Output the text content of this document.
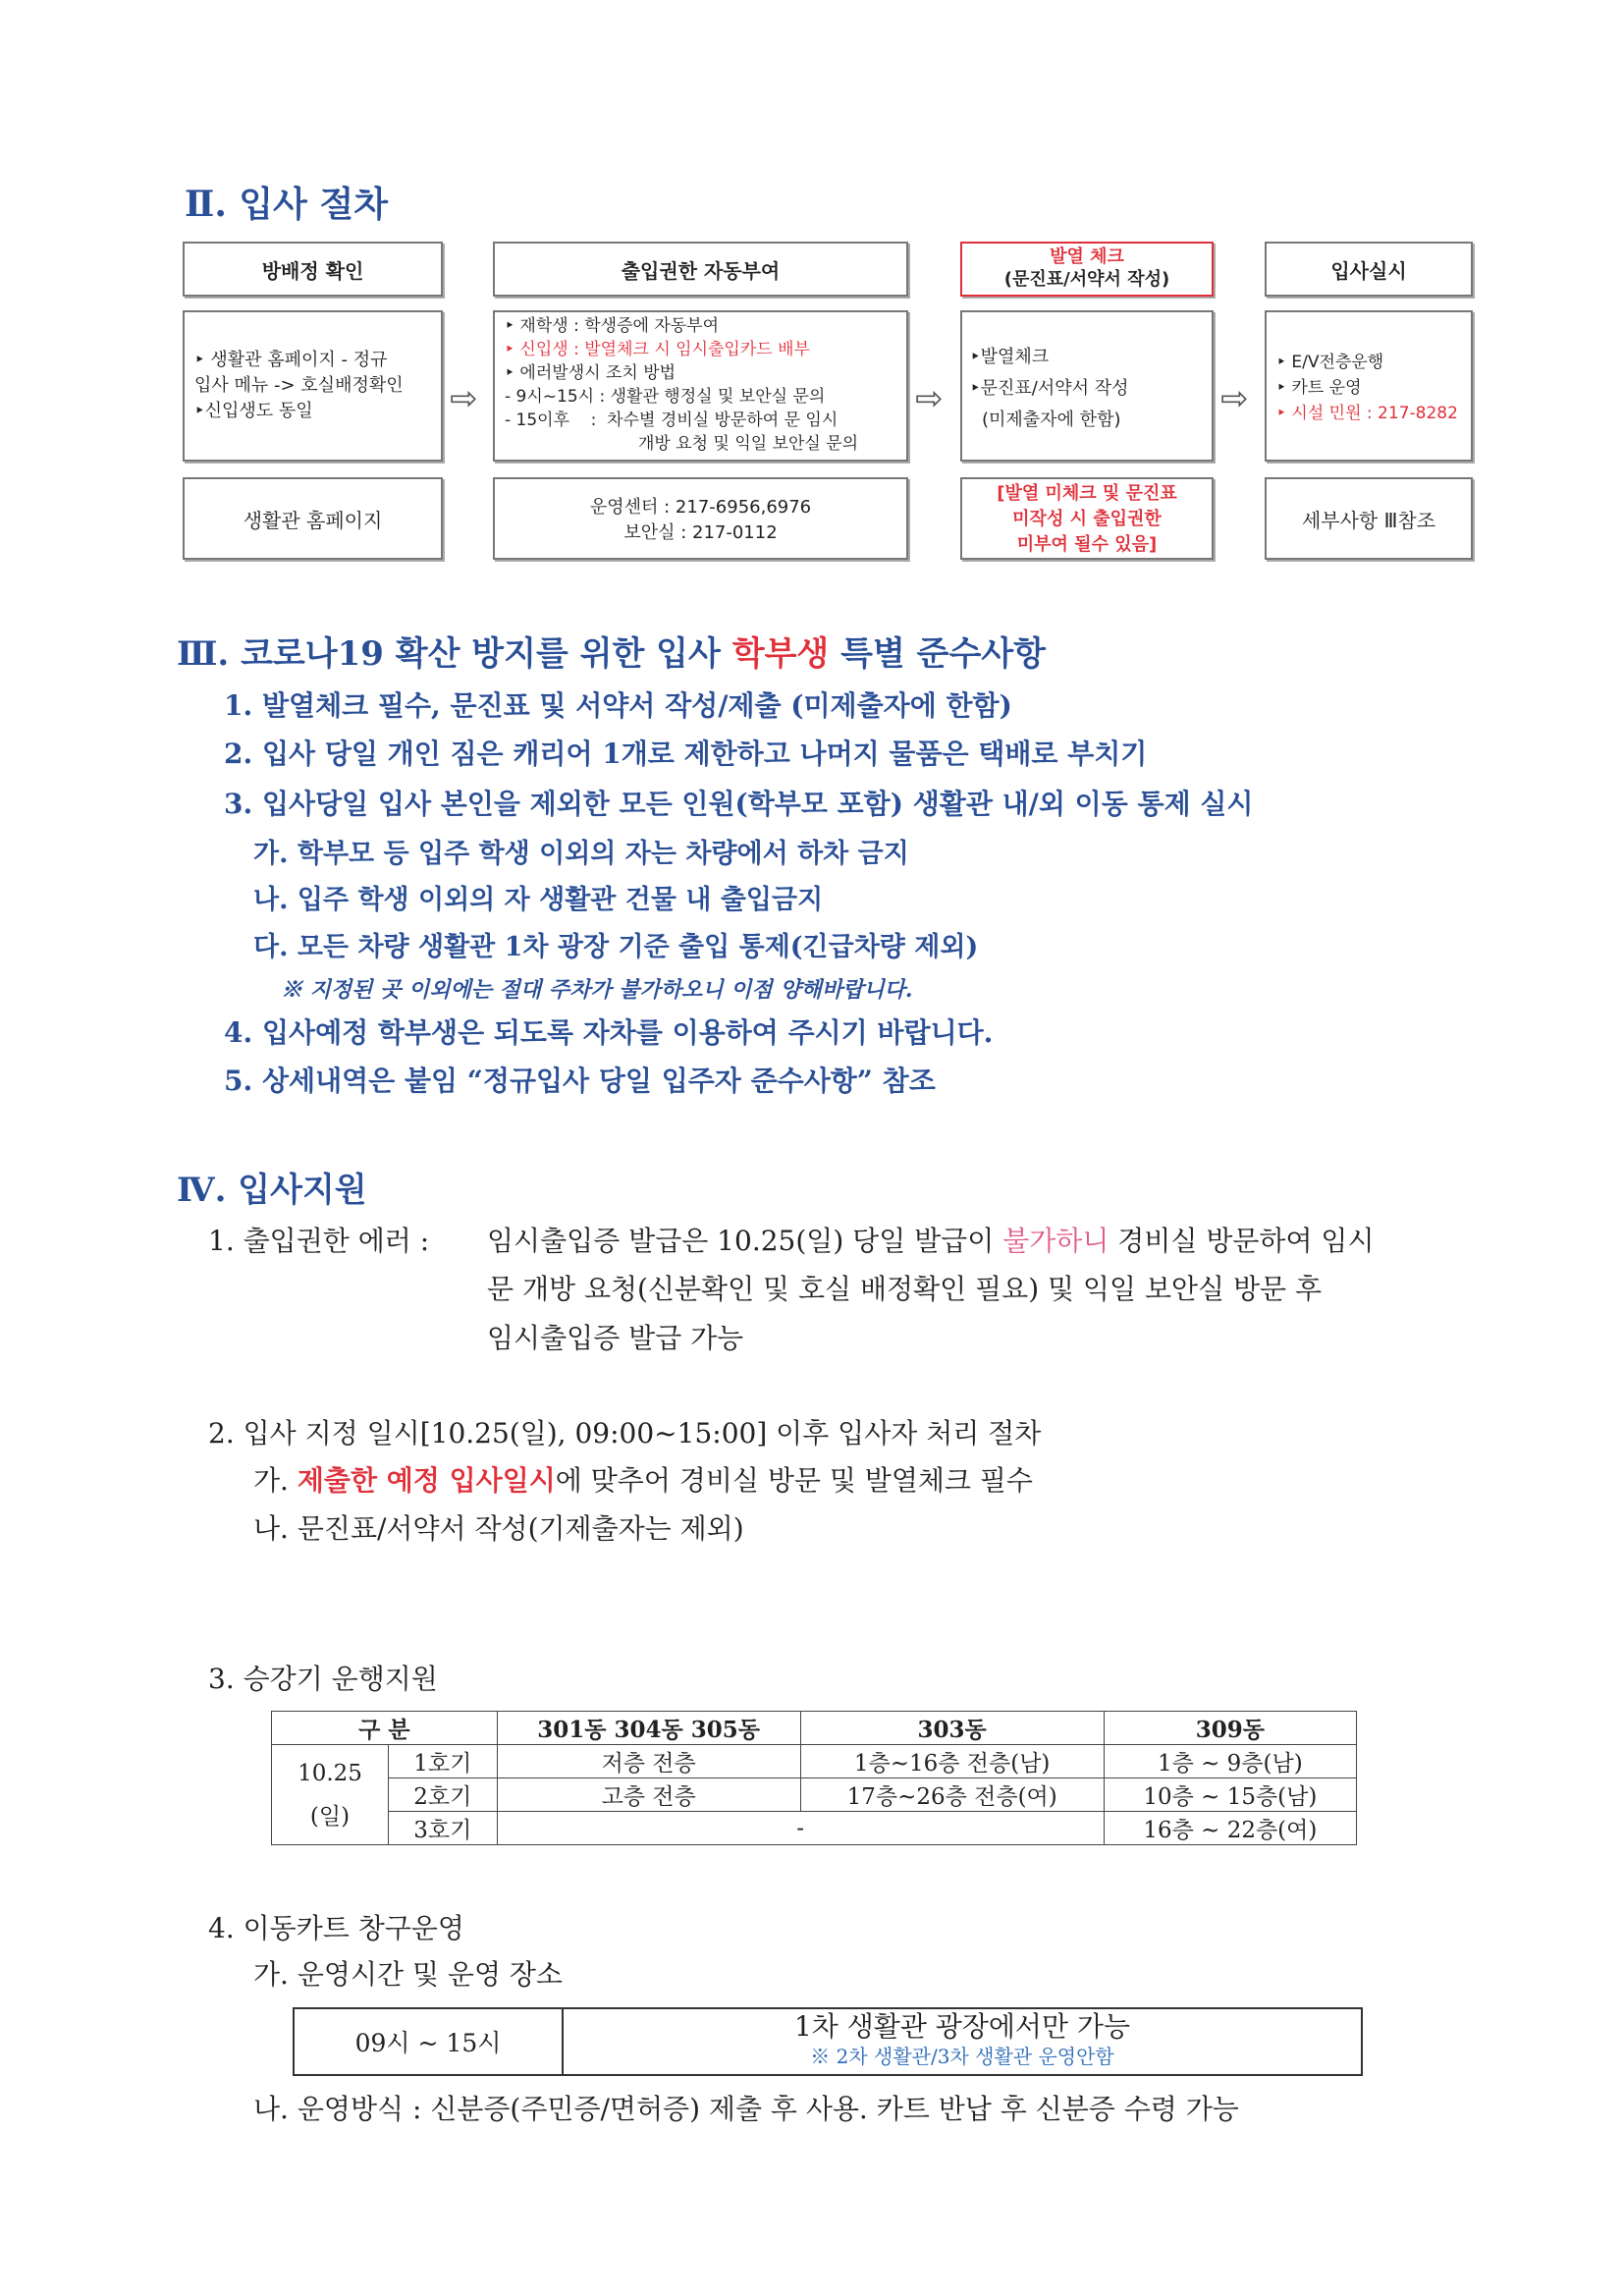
Ⅱ. 입사 절차
방배정 확인
‣ 생활관 홈페이지 - 정규
입사 메뉴 -> 호실배정확인
‣신입생도 동일
생활관 홈페이지
⇨
출입권한 자동부여
‣ 재학생 : 학생증에 자동부여
‣ 신입생 : 발열체크 시 임시출입카드 배부
‣ 에러발생시 조치 방법
- 9시~15시 : 생활관 행정실 및 보안실 문의
- 15이후    :  차수별 경비실 방문하여 문 임시
개방 요청 및 익일 보안실 문의
운영센터 : 217-6956,6976
보안실 : 217-0112
⇨
발열 체크
(문진표/서약서 작성)
‣발열체크
‣문진표/서약서 작성
(미제출자에 한함)
[발열 미체크 및 문진표
미작성 시 출입권한
미부여 될수 있음]
⇨
입사실시
‣ E/V전층운행
‣ 카트 운영
‣ 시설 민원 : 217-8282
세부사항 Ⅲ참조
Ⅲ. 코로나19 확산 방지를 위한 입사 학부생 특별 준수사항
1. 발열체크 필수, 문진표 및 서약서 작성/제출 (미제출자에 한함)
2. 입사 당일 개인 짐은 캐리어 1개로 제한하고 나머지 물품은 택배로 부치기
3. 입사당일 입사 본인을 제외한 모든 인원(학부모 포함) 생활관 내/외 이동 통제 실시
가. 학부모 등 입주 학생 이외의 자는 차량에서 하차 금지
나. 입주 학생 이외의 자 생활관 건물 내 출입금지
다. 모든 차량 생활관 1차 광장 기준 출입 통제(긴급차량 제외)
※ 지정된 곳 이외에는 절대 주차가 불가하오니 이점 양해바랍니다.
4. 입사예정 학부생은 되도록 자차를 이용하여 주시기 바랍니다.
5. 상세내역은 붙임 “정규입사 당일 입주자 준수사항” 참조
Ⅳ. 입사지원
1. 출입권한 에러 : 임시출입증 발급은 10.25(일) 당일 발급이 불가하니 경비실 방문하여 임시
문 개방 요청(신분확인 및 호실 배정확인 필요) 및 익일 보안실 방문 후
임시출입증 발급 가능
2. 입사 지정 일시[10.25(일), 09:00~15:00] 이후 입사자 처리 절차
가. 제출한 예정 입사일시에 맞추어 경비실 방문 및 발열체크 필수
나. 문진표/서약서 작성(기제출자는 제외)
3. 승강기 운행지원
구 분		301동 304동 305동	303동	309동

10.25
(일)	1호기	저층 전층	1층~16층 전층(남)	1층 ~ 9층(남)
	2호기	고층 전층	17층~26층 전층(여)	10층 ~ 15층(남)
	3호기	-		16층 ~ 22층(여)
4. 이동카트 창구운영
가. 운영시간 및 운영 장소
09시 ~ 15시	
1차 생활관 광장에서만 가능
※ 2차 생활관/3차 생활관 운영안함
나. 운영방식 : 신분증(주민증/면허증) 제출 후 사용. 카트 반납 후 신분증 수령 가능
